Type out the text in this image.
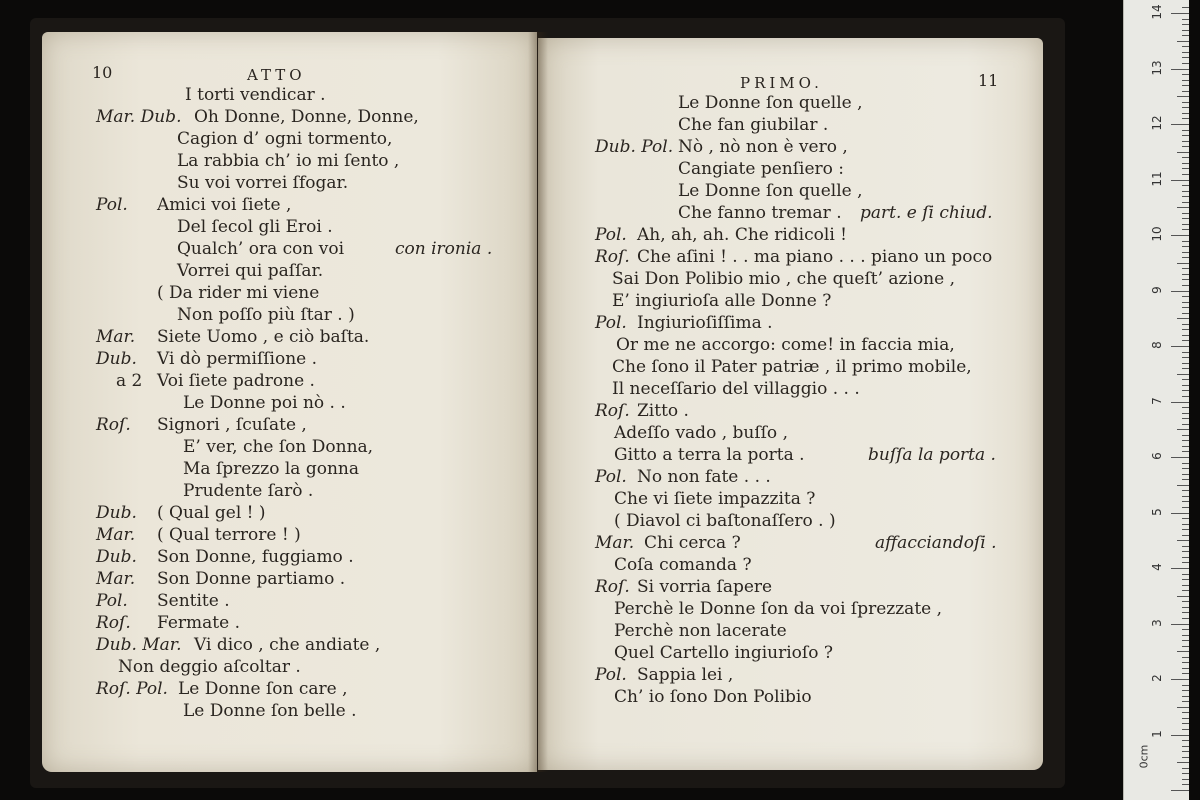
10	ATTO
I torti vendicar .
Mar. Dub. Oh Donne, Donne, Donne,
Cagion d’ ogni tormento,
La rabbia ch’ io mi ſento ,
Su voi vorrei ſfogar.
Pol. Amici voi ſiete ,
Del ſecol gli Eroi .
Qualch’ ora con voi	con ironia .
Vorrei qui paſſar.
( Da rider mi viene
Non poſſo più ſtar . )
Mar. Siete Uomo , e ciò baſta.
Dub. Vi dò permiſſione .
a 2 Voi ſiete padrone .
Le Donne poi nò . .
Roſ. Signori , ſcuſate ,
E’ ver, che ſon Donna,
Ma ſprezzo la gonna
Prudente ſarò .
Dub. ( Qual gel ! )
Mar. ( Qual terrore ! )
Dub. Son Donne, fuggiamo .
Mar. Son Donne partiamo .
Pol. Sentite .
Roſ. Fermate .
Dub. Mar. Vi dico , che andiate ,
Non deggio aſcoltar .
Roſ. Pol. Le Donne ſon care ,
Le Donne ſon belle .
PRIMO.	11
Le Donne ſon quelle ,
Che fan giubilar .
Dub. Pol. Nò , nò non è vero ,
Cangiate penſiero :
Le Donne ſon quelle ,
Che fanno tremar . part. e ſi chiud.
Pol. Ah, ah, ah. Che ridicoli !
Roſ. Che aſini ! . . ma piano . . . piano un poco
Sai Don Polibio mio , che queſt’ azione ,
E’ ingiurioſa alle Donne ?
Pol. Ingiurioſiſſima .
Or me ne accorgo: come! in faccia mia,
Che ſono il Pater patriæ , il primo mobile,
Il neceſſario del villaggio . . .
Roſ. Zitto .
Adeſſo vado , buſſo ,
Gitto a terra la porta .	buſſa la porta .
Pol. No non fate . . .
Che vi ſiete impazzita ?
( Diavol ci baſtonaſſero . )
Mar. Chi cerca ?	affacciandoſi .
Coſa comanda ?
Roſ. Si vorria ſapere
Perchè le Donne ſon da voi ſprezzate ,
Perchè non lacerate
Quel Cartello ingiurioſo ?
Pol. Sappia lei ,
Ch’ io ſono Don Polibio
0cm
1
2
3
4
5
6
7
8
9
10
11
12
13
14
